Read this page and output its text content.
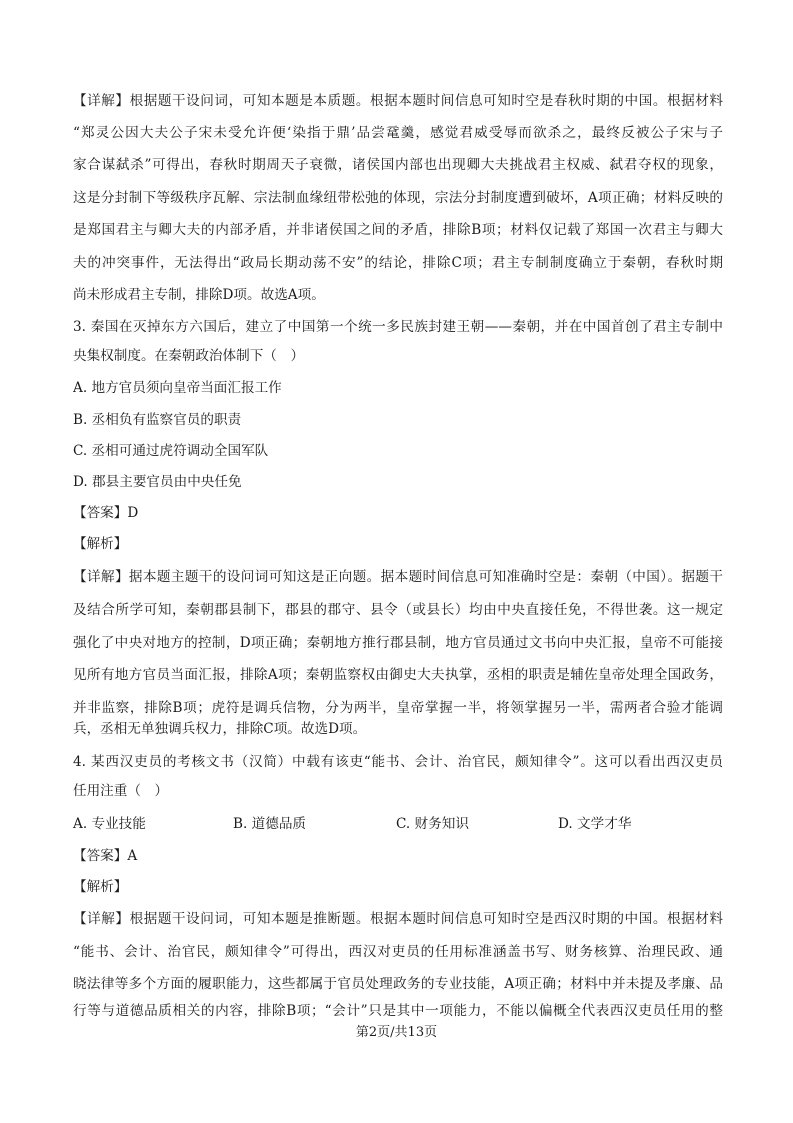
【详解】根据题干设问词，可知本题是本质题。根据本题时间信息可知时空是春秋时期的中国。根据材料
“郑灵公因大夫公子宋未受允许便‘染指于鼎’品尝鼋羹，感觉君威受辱而欲杀之，最终反被公子宋与子
家合谋弑杀”可得出，春秋时期周天子衰微，诸侯国内部也出现卿大夫挑战君主权威、弑君夺权的现象，
这是分封制下等级秩序瓦解、宗法制血缘纽带松弛的体现，宗法分封制度遭到破坏，A项正确；材料反映的
是郑国君主与卿大夫的内部矛盾，并非诸侯国之间的矛盾，排除B项；材料仅记载了郑国一次君主与卿大
夫的冲突事件，无法得出“政局长期动荡不安”的结论，排除C项；君主专制制度确立于秦朝，春秋时期
尚未形成君主专制，排除D项。故选A项。
3. 秦国在灭掉东方六国后，建立了中国第一个统一多民族封建王朝——秦朝，并在中国首创了君主专制中
央集权制度。在秦朝政治体制下（　）
A. 地方官员须向皇帝当面汇报工作
B. 丞相负有监察官员的职责
C. 丞相可通过虎符调动全国军队
D. 郡县主要官员由中央任免
【答案】D
【解析】
【详解】据本题主题干的设问词可知这是正向题。据本题时间信息可知准确时空是：秦朝（中国）。据题干
及结合所学可知，秦朝郡县制下，郡县的郡守、县令（或县长）均由中央直接任免，不得世袭。这一规定
强化了中央对地方的控制，D项正确；秦朝地方推行郡县制，地方官员通过文书向中央汇报，皇帝不可能接
见所有地方官员当面汇报，排除A项；秦朝监察权由御史大夫执掌，丞相的职责是辅佐皇帝处理全国政务，
并非监察，排除B项；虎符是调兵信物，分为两半，皇帝掌握一半，将领掌握另一半，需两者合验才能调
兵，丞相无单独调兵权力，排除C项。故选D项。
4. 某西汉吏员的考核文书（汉简）中载有该吏“能书、会计、治官民，颇知律令”。这可以看出西汉吏员
任用注重（　）
A. 专业技能	B. 道德品质	C. 财务知识	D. 文学才华
【答案】A
【解析】
【详解】根据题干设问词，可知本题是推断题。根据本题时间信息可知时空是西汉时期的中国。根据材料
“能书、会计、治官民，颇知律令”可得出，西汉对吏员的任用标准涵盖书写、财务核算、治理民政、通
晓法律等多个方面的履职能力，这些都属于官员处理政务的专业技能，A项正确；材料中并未提及孝廉、品
行等与道德品质相关的内容，排除B项；“会计”只是其中一项能力，不能以偏概全代表西汉吏员任用的整
第2页/共13页
